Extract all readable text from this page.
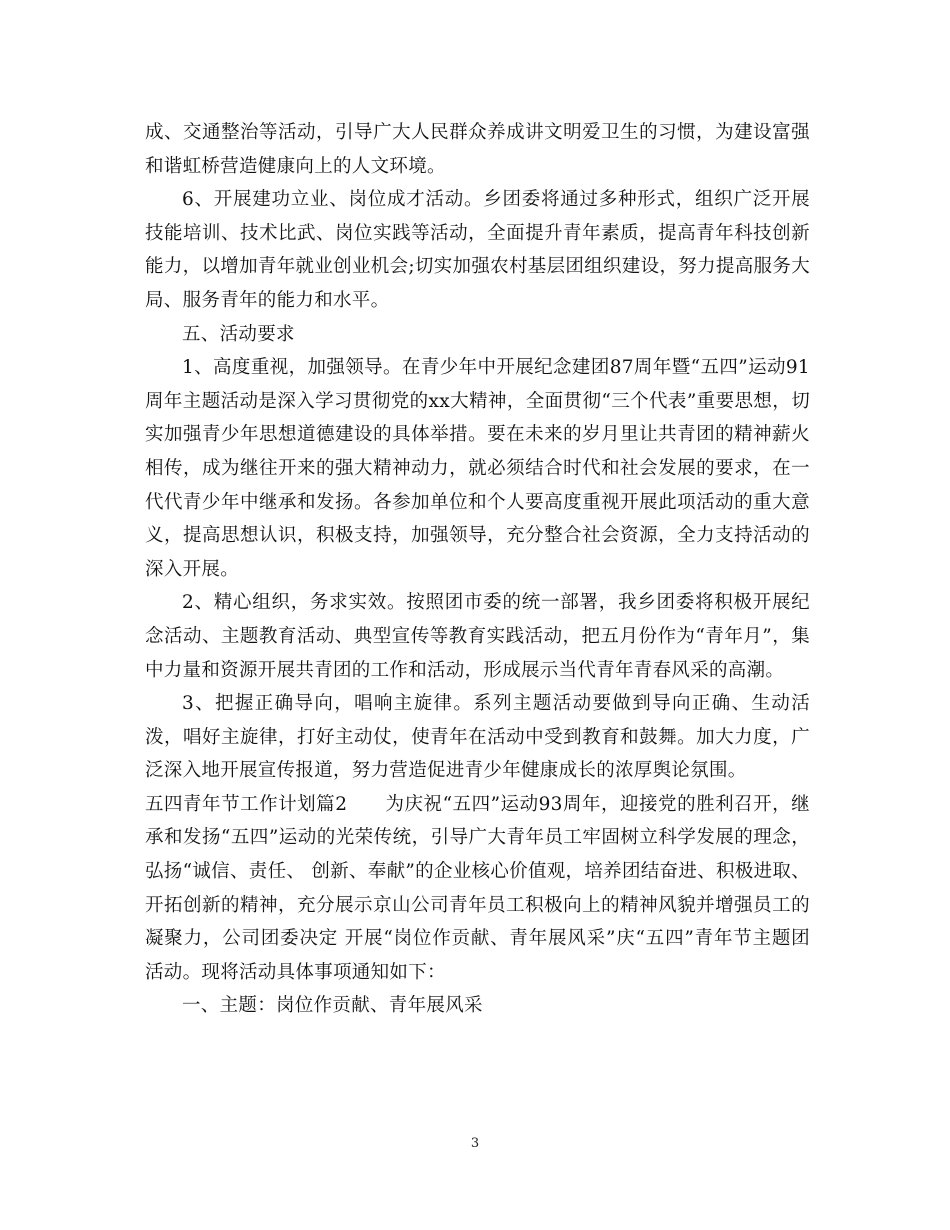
成、交通整治等活动，引导广大人民群众养成讲文明爱卫生的习惯，为建设富强和谐虹桥营造健康向上的人文环境。

6、开展建功立业、岗位成才活动。乡团委将通过多种形式，组织广泛开展技能培训、技术比武、岗位实践等活动，全面提升青年素质，提高青年科技创新能力，以增加青年就业创业机会;切实加强农村基层团组织建设，努力提高服务大局、服务青年的能力和水平。

五、活动要求

1、高度重视，加强领导。在青少年中开展纪念建团87周年暨“五四”运动91周年主题活动是深入学习贯彻党的xx大精神，全面贯彻“三个代表”重要思想，切实加强青少年思想道德建设的具体举措。要在未来的岁月里让共青团的精神薪火相传，成为继往开来的强大精神动力，就必须结合时代和社会发展的要求，在一代代青少年中继承和发扬。各参加单位和个人要高度重视开展此项活动的重大意义，提高思想认识，积极支持，加强领导，充分整合社会资源，全力支持活动的深入开展。

2、精心组织，务求实效。按照团市委的统一部署，我乡团委将积极开展纪念活动、主题教育活动、典型宣传等教育实践活动，把五月份作为“青年月”，集中力量和资源开展共青团的工作和活动，形成展示当代青年青春风采的高潮。

3、把握正确导向，唱响主旋律。系列主题活动要做到导向正确、生动活泼，唱好主旋律，打好主动仗，使青年在活动中受到教育和鼓舞。加大力度，广泛深入地开展宣传报道，努力营造促进青少年健康成长的浓厚舆论氛围。

五四青年节工作计划篇2　　为庆祝“五四”运动93周年，迎接党的胜利召开，继承和发扬“五四”运动的光荣传统，引导广大青年员工牢固树立科学发展的理念，弘扬“诚信、责任、 创新、奉献”的企业核心价值观，培养团结奋进、积极进取、开拓创新的精神，充分展示京山公司青年员工积极向上的精神风貌并增强员工的凝聚力，公司团委决定 开展“岗位作贡献、青年展风采”庆“五四”青年节主题团活动。现将活动具体事项通知如下：

一、主题：岗位作贡献、青年展风采

3
